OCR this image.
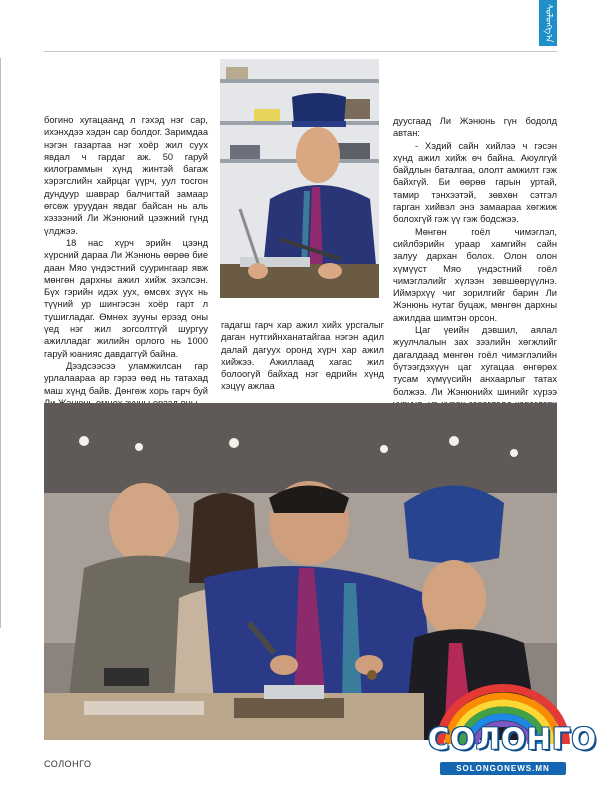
ᠰᠣᠯᠣᠩᠭ᠎ᠠ

богино хугацаанд л гэхэд нэг сар, ихэнхдээ хэдэн сар болдог. Заримдаа нэгэн газартаа нэг хоёр жил суух явдал ч гардаг аж. 50 гаруй килограммын хүнд жинтэй багаж хэрэгслийн хайрцаг үүрч, уул тосгон дундуур шаврар балчигтай замаар өгсөж уруудан явдаг байсан нь аль хэзээний Ли Жэнюний цээжний гүнд үлджээ.

18 нас хүрч эрийн цээнд хүрсний дараа Ли Жэнюнь өөрөө бие даан Мяо үндэстний суурингаар явж мөнгөн дархны ажил хийж эхэлсэн. Бүх гэрийн идэх уух, өмсөх зүүх нь түүний ур шингэсэн хоёр гарт л тушигладаг. Өмнөх зууны ерээд оны үед нэг жил зогсолтгүй шургуу ажилладаг жилийн орлого нь 1000 гаруй юанияс давдаггүй байна.

Дээдсээсээ уламжилсан гар урлалаараа ар гэрээ өөд нь татахад маш хүнд байв. Дөнгөж хорь гарч буй

гадагш гарч хар ажил хийх урсгалыг даган нутгийнханатайгаа нэгэн адил далай дагуух оронд хүрч хар ажил хийжээ. Ажиллаад хагас жил болоогүй байхад нэг өдрийн хүнд хэцүү ажлаа

дуусгаад Ли Жэнюнь гүн бодолд автан:

- Хэдий сайн хийлээ ч гэсэн хүнд ажил хийж өч байна. Аюулгүй байдлын баталгаа, ололт амжилт гэж байхгүй. Би өөрөө гарын уртай, тамир тэнхээтэй, зөвхөн сэтгэл гарган хийвэл энэ замаараа хөгжиж болохгүй гэж үү гэж бодсжээ.

Мөнгөн гоёл чимэглэл, сийлбэрийн ураар хамгийн сайн залуу дархан болох. Олон олон хүмүүст Мяо үндэстний гоёл чимэглэлийг хүлээн зөвшөөрүүлнэ. Иймэрхүү чиг зорилгийг барин Ли Жэнюнь нутаг буцаж, мөнгөн дархны ажилдаа шимтэн орсон.

Цаг үеийн дэвшил, аялал жуулчлалын зах зээлийн хөгжлийг дагалдаад мөнгөн гоёл чимэглэлийн бүтээгдэхүүн цаг хугацаа өнгөрөх тусам хүмүүсийн анхаарлыг татах болжээ. Ли Жэнюнийх шинийг хүрээ

СОЛОНГО
СОЛОНГО
SOLONGONEWS.MN
